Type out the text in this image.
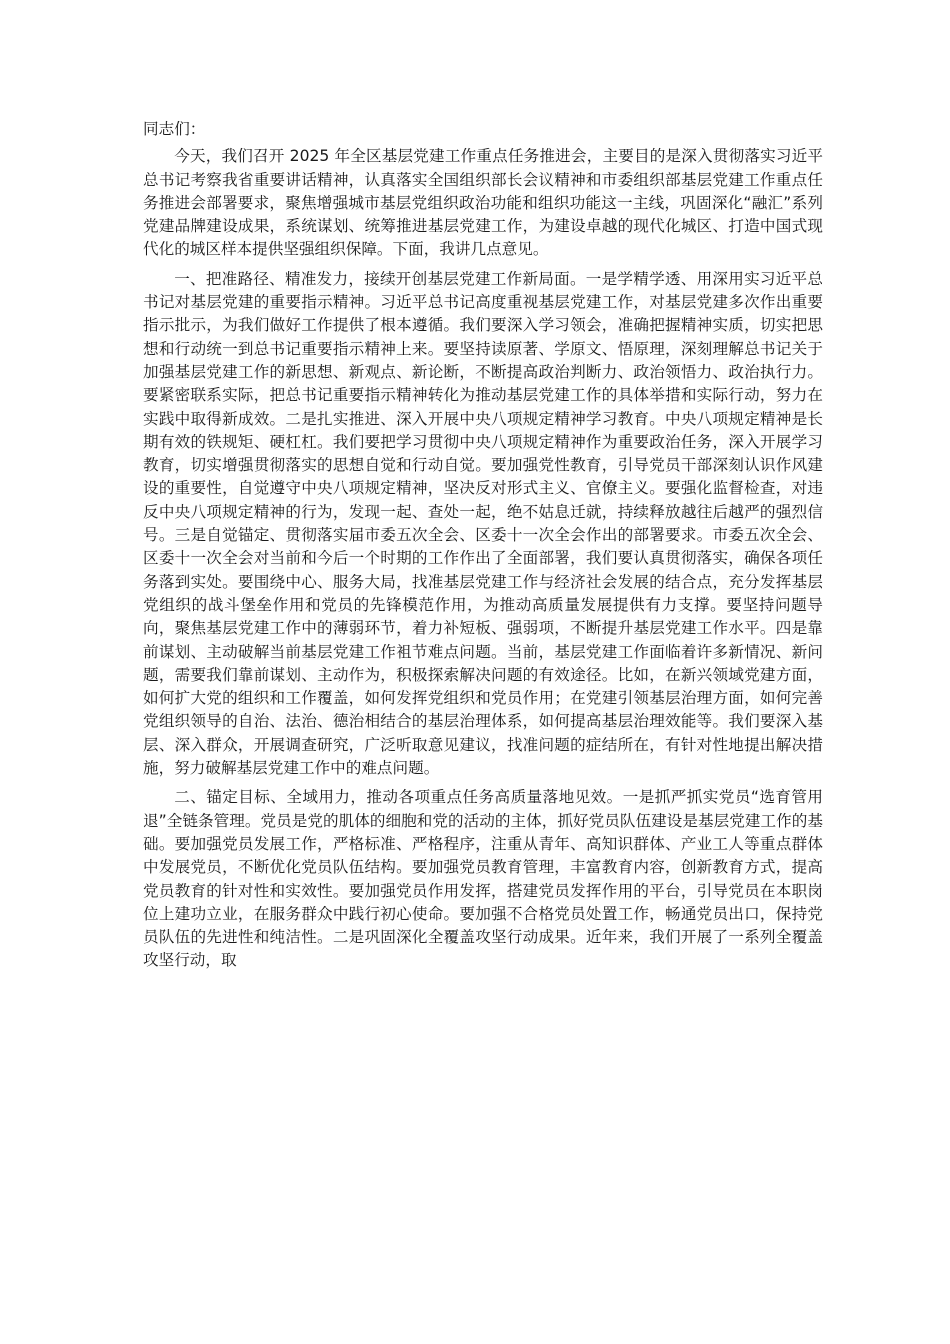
同志们：

今天，我们召开 2025 年全区基层党建工作重点任务推进会，主要目的是深入贯彻落实习近平总书记考察我省重要讲话精神，认真落实全国组织部长会议精神和市委组织部基层党建工作重点任务推进会部署要求，聚焦增强城市基层党组织政治功能和组织功能这一主线，巩固深化“融汇”系列党建品牌建设成果，系统谋划、统筹推进基层党建工作，为建设卓越的现代化城区、打造中国式现代化的城区样本提供坚强组织保障。下面，我讲几点意见。

一、把准路径、精准发力，接续开创基层党建工作新局面。一是学精学透、用深用实习近平总书记对基层党建的重要指示精神。习近平总书记高度重视基层党建工作，对基层党建多次作出重要指示批示，为我们做好工作提供了根本遵循。我们要深入学习领会，准确把握精神实质，切实把思想和行动统一到总书记重要指示精神上来。要坚持读原著、学原文、悟原理，深刻理解总书记关于加强基层党建工作的新思想、新观点、新论断，不断提高政治判断力、政治领悟力、政治执行力。要紧密联系实际，把总书记重要指示精神转化为推动基层党建工作的具体举措和实际行动，努力在实践中取得新成效。二是扎实推进、深入开展中央八项规定精神学习教育。中央八项规定精神是长期有效的铁规矩、硬杠杠。我们要把学习贯彻中央八项规定精神作为重要政治任务，深入开展学习教育，切实增强贯彻落实的思想自觉和行动自觉。要加强党性教育，引导党员干部深刻认识作风建设的重要性，自觉遵守中央八项规定精神，坚决反对形式主义、官僚主义。要强化监督检查，对违反中央八项规定精神的行为，发现一起、查处一起，绝不姑息迁就，持续释放越往后越严的强烈信号。三是自觉锚定、贯彻落实届市委五次全会、区委十一次全会作出的部署要求。市委五次全会、区委十一次全会对当前和今后一个时期的工作作出了全面部署，我们要认真贯彻落实，确保各项任务落到实处。要围绕中心、服务大局，找准基层党建工作与经济社会发展的结合点，充分发挥基层党组织的战斗堡垒作用和党员的先锋模范作用，为推动高质量发展提供有力支撑。要坚持问题导向，聚焦基层党建工作中的薄弱环节，着力补短板、强弱项，不断提升基层党建工作水平。四是靠前谋划、主动破解当前基层党建工作袓节难点问题。当前，基层党建工作面临着许多新情况、新问题，需要我们靠前谋划、主动作为，积极探索解决问题的有效途径。比如，在新兴领域党建方面，如何扩大党的组织和工作覆盖，如何发挥党组织和党员作用；在党建引领基层治理方面，如何完善党组织领导的自治、法治、德治相结合的基层治理体系，如何提高基层治理效能等。我们要深入基层、深入群众，开展调查研究，广泛听取意见建议，找准问题的症结所在，有针对性地提出解决措施，努力破解基层党建工作中的难点问题。

二、锚定目标、全域用力，推动各项重点任务高质量落地见效。一是抓严抓实党员“选育管用退”全链条管理。党员是党的肌体的细胞和党的活动的主体，抓好党员队伍建设是基层党建工作的基础。要加强党员发展工作，严格标准、严格程序，注重从青年、高知识群体、产业工人等重点群体中发展党员，不断优化党员队伍结构。要加强党员教育管理，丰富教育内容，创新教育方式，提高党员教育的针对性和实效性。要加强党员作用发挥，搭建党员发挥作用的平台，引导党员在本职岗位上建功立业，在服务群众中践行初心使命。要加强不合格党员处置工作，畅通党员出口，保持党员队伍的先进性和纯洁性。二是巩固深化全覆盖攻坚行动成果。近年来，我们开展了一系列全覆盖攻坚行动，取
